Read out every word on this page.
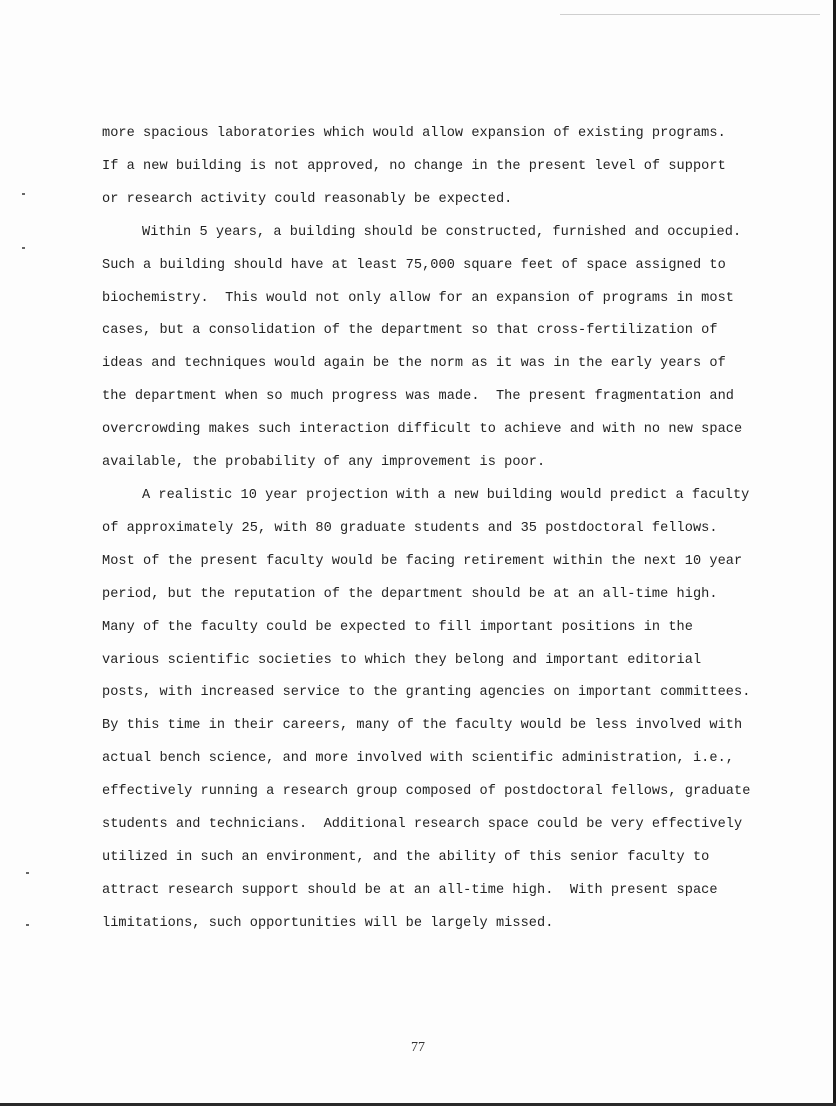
more spacious laboratories which would allow expansion of existing programs.
If a new building is not approved, no change in the present level of support
or research activity could reasonably be expected.
Within 5 years, a building should be constructed, furnished and occupied.
Such a building should have at least 75,000 square feet of space assigned to
biochemistry.  This would not only allow for an expansion of programs in most
cases, but a consolidation of the department so that cross-fertilization of
ideas and techniques would again be the norm as it was in the early years of
the department when so much progress was made.  The present fragmentation and
overcrowding makes such interaction difficult to achieve and with no new space
available, the probability of any improvement is poor.
A realistic 10 year projection with a new building would predict a faculty
of approximately 25, with 80 graduate students and 35 postdoctoral fellows.
Most of the present faculty would be facing retirement within the next 10 year
period, but the reputation of the department should be at an all-time high.
Many of the faculty could be expected to fill important positions in the
various scientific societies to which they belong and important editorial
posts, with increased service to the granting agencies on important committees.
By this time in their careers, many of the faculty would be less involved with
actual bench science, and more involved with scientific administration, i.e.,
effectively running a research group composed of postdoctoral fellows, graduate
students and technicians.  Additional research space could be very effectively
utilized in such an environment, and the ability of this senior faculty to
attract research support should be at an all-time high.  With present space
limitations, such opportunities will be largely missed.
77
